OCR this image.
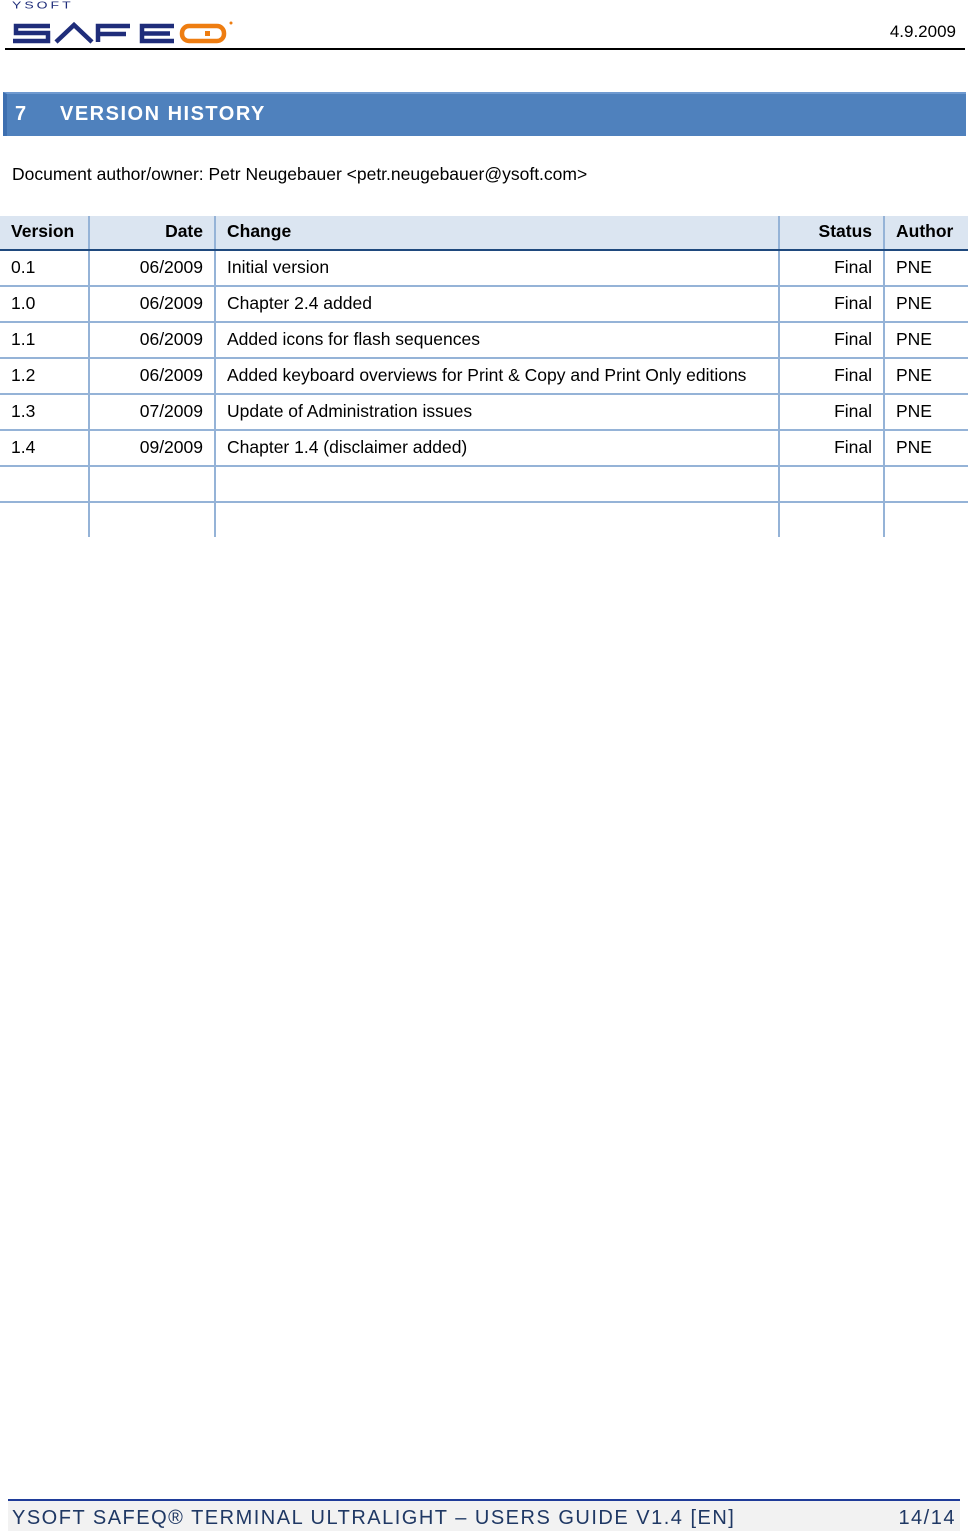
YSOFT
4.9.2009
7 VERSION HISTORY
Document author/owner: Petr Neugebauer <petr.neugebauer@ysoft.com>
Version	Date	Change	Status	Author
0.1	06/2009	Initial version	Final	PNE
1.0	06/2009	Chapter 2.4 added	Final	PNE
1.1	06/2009	Added icons for flash sequences	Final	PNE
1.2	06/2009	Added keyboard overviews for Print & Copy and Print Only editions	Final	PNE
1.3	07/2009	Update of Administration issues	Final	PNE
1.4	09/2009	Chapter 1.4 (disclaimer added)	Final	PNE

YSOFT SAFEQ® TERMINAL ULTRALIGHT – USERS GUIDE V1.4 [EN]	14/14
